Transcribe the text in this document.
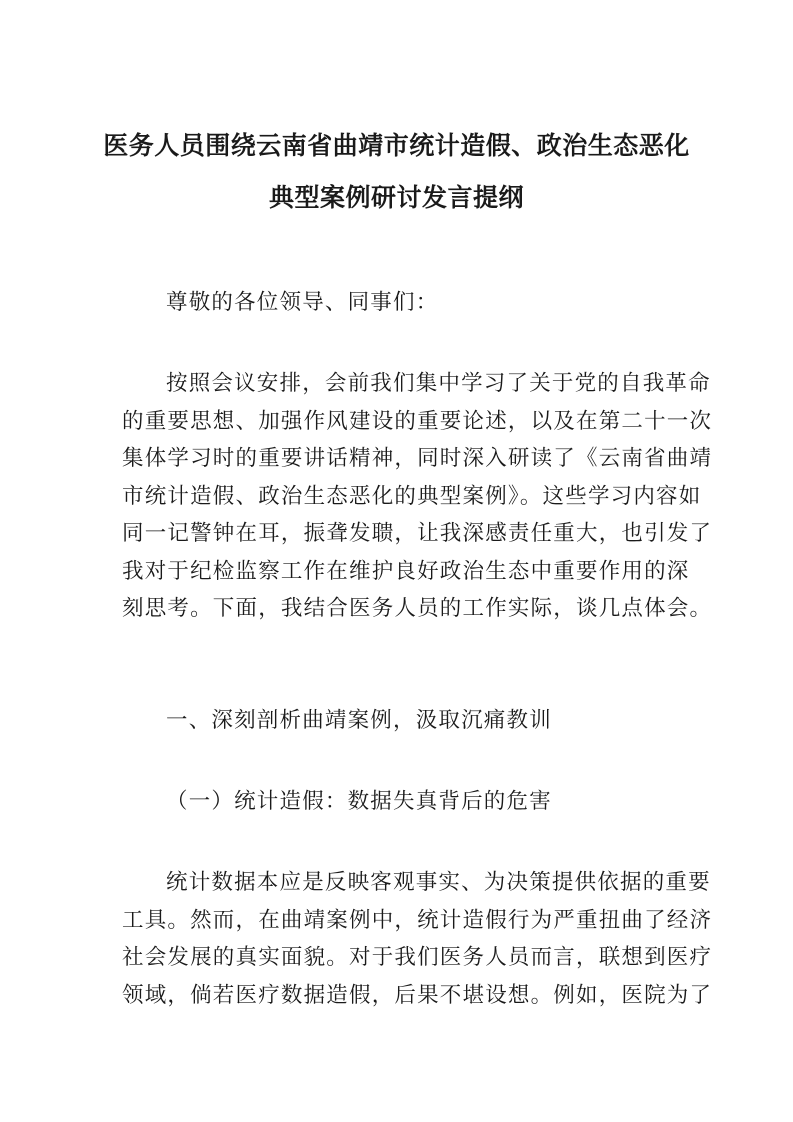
医务人员围绕云南省曲靖市统计造假、政治生态恶化
典型案例研讨发言提纲

尊敬的各位领导、同事们：

按照会议安排，会前我们集中学习了关于党的自我革命
的重要思想、加强作风建设的重要论述，以及在第二十一次
集体学习时的重要讲话精神，同时深入研读了《云南省曲靖
市统计造假、政治生态恶化的典型案例》。这些学习内容如
同一记警钟在耳，振聋发聩，让我深感责任重大，也引发了
我对于纪检监察工作在维护良好政治生态中重要作用的深
刻思考。下面，我结合医务人员的工作实际，谈几点体会。

一、深刻剖析曲靖案例，汲取沉痛教训

（一）统计造假：数据失真背后的危害

统计数据本应是反映客观事实、为决策提供依据的重要
工具。然而，在曲靖案例中，统计造假行为严重扭曲了经济
社会发展的真实面貌。对于我们医务人员而言，联想到医疗
领域，倘若医疗数据造假，后果不堪设想。例如，医院为了
